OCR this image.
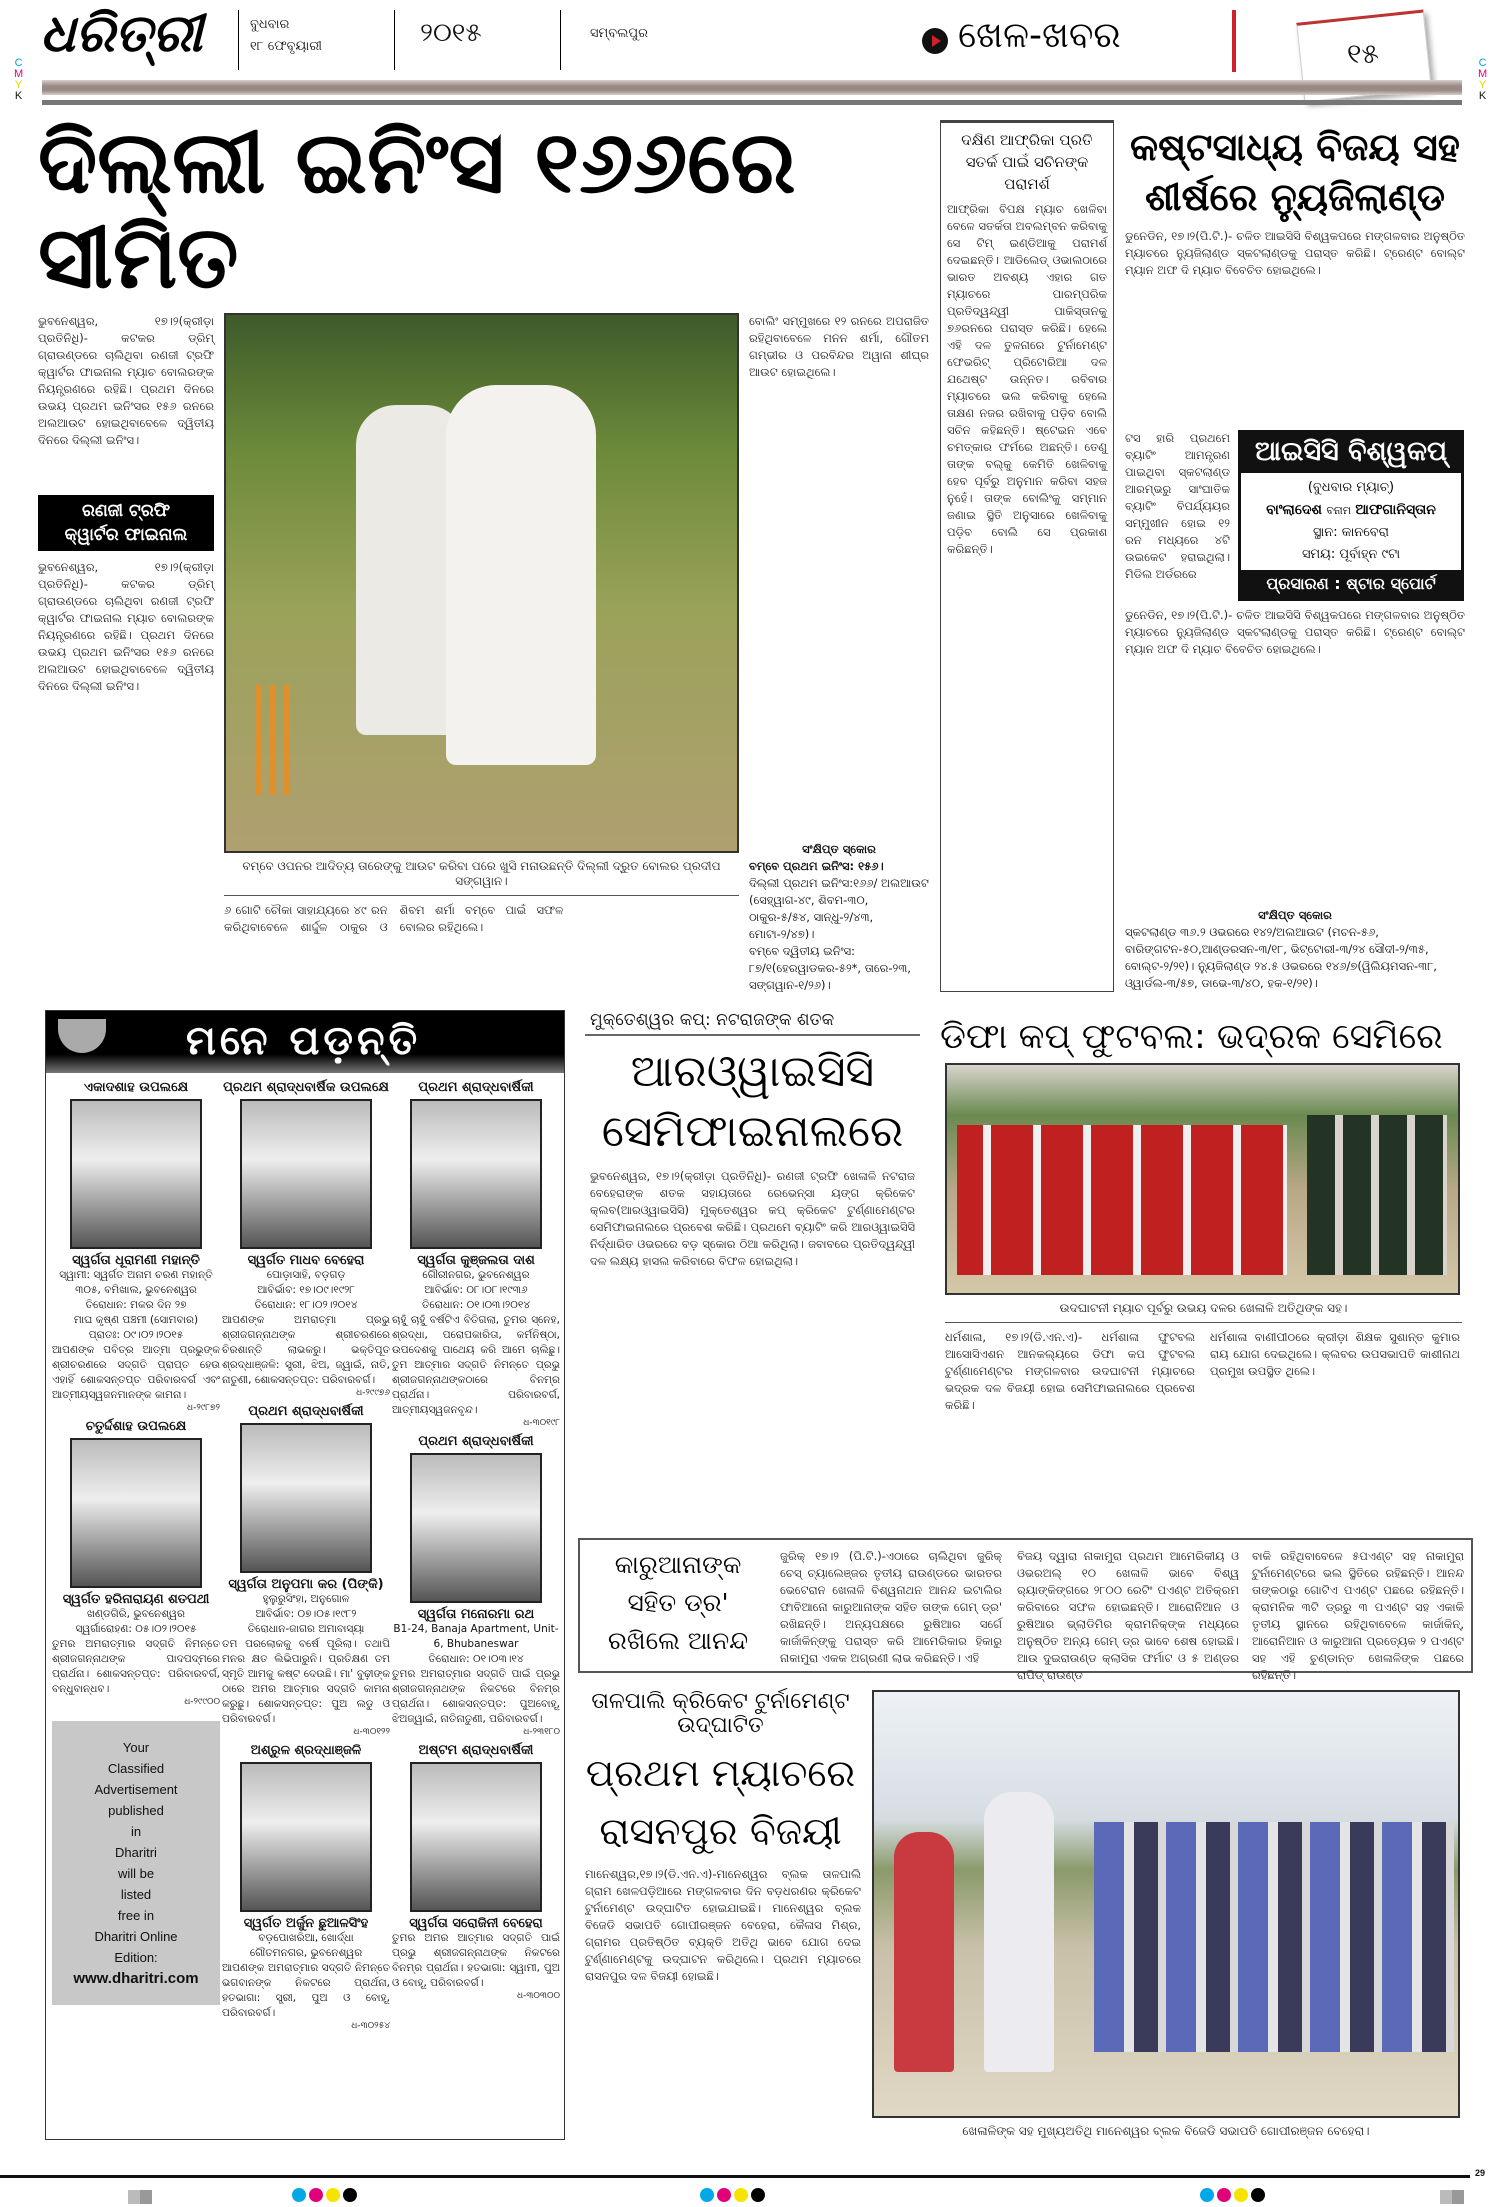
C
M
Y
K
C
M
Y
K
ଧରିତ୍ରୀ	ବୁଧବାର
୧୮ ଫେବୃୟାରୀ	୨୦୧୫	ସମ୍ବଲପୁର	ଖେଳ-ଖବର	୧୫
ଦିଲ୍ଲୀ ଇନିଂସ ୧୬୬ରେ ସୀମିତ
ଭୁବନେଶ୍ୱର, ୧୭।୨(କ୍ରୀଡ଼ା ପ୍ରତିନିଧି)- କଟକର ଡ୍ରିମ୍ ଗ୍ରାଉଣ୍ଡରେ ଚାଲିଥିବା ରଣଜୀ ଟ୍ରଫି କ୍ୱାର୍ଟର ଫାଇନାଲ ମ୍ୟାଚ ବୋଲରଙ୍କ ନିୟନ୍ତ୍ରଣରେ ରହିଛି। ପ୍ରଥମ ଦିନରେ ଉଭୟ ପ୍ରଥମ ଇନିଂସର ୧୫୬ ରନରେ ଅଲଆଉଟ ହୋଇଥିବାବେଳେ ଦ୍ୱିତୀୟ ଦିନରେ ଦିଲ୍ଲୀ ଇନିଂସ।
ରଣଜୀ ଟ୍ରଫି
କ୍ୱାର୍ଟର ଫାଇନାଲ
ଭୁବନେଶ୍ୱର, ୧୭।୨(କ୍ରୀଡ଼ା ପ୍ରତିନିଧି)- କଟକର ଡ୍ରିମ୍ ଗ୍ରାଉଣ୍ଡରେ ଚାଲିଥିବା ରଣଜୀ ଟ୍ରଫି କ୍ୱାର୍ଟର ଫାଇନାଲ ମ୍ୟାଚ ବୋଲରଙ୍କ ନିୟନ୍ତ୍ରଣରେ ରହିଛି। ପ୍ରଥମ ଦିନରେ ଉଭୟ ପ୍ରଥମ ଇନିଂସର ୧୫୬ ରନରେ ଅଲଆଉଟ ହୋଇଥିବାବେଳେ ଦ୍ୱିତୀୟ ଦିନରେ ଦିଲ୍ଲୀ ଇନିଂସ।
ବମ୍ବେ ଓପନର ଆଦିତ୍ୟ ତାରେଙ୍କୁ ଆଉଟ କରିବା ପରେ ଖୁସି ମନାଉଛନ୍ତି ଦିଲ୍ଲୀ ଦ୍ରୁତ ବୋଲର ପ୍ରଦୀପ ସଙ୍ଗୱାନ।
୬ ଗୋଟି ଚୌକା ସାହାଯ୍ୟରେ ୪୯ ରନ କରିଥିବାବେଳେ ଶାର୍ଦ୍ଦୁଳ ଠାକୁର ଓ ଶିବମ ଶର୍ମା ବମ୍ବେ ପାଇଁ ସଫଳ ବୋଲର ରହିଥିଲେ।
ବୋଲିଂ ସମ୍ମୁଖରେ ୧୨ ରନରେ ଅପରାଜିତ ରହିଥିବାବେଳେ ମନନ ଶର୍ମା, ଗୌତମ ଗମ୍ଭୀର ଓ ପରବିନ୍ଦର ଅୱାନା ଶୀଘ୍ର ଆଉଟ ହୋଇଥିଲେ।
ସଂକ୍ଷିପ୍ତ ସ୍କୋର
ବମ୍ବେ ପ୍ରଥମ ଇନିଂସ: ୧୫୬।
ଦିଲ୍ଲୀ ପ୍ରଥମ ଇନିଂସ:୧୬୬/ ଅଲଆଉଟ (ସେହ୍ୱାଗ-୪୯, ଶିବମ-୩୦, ଠାକୁର-୫/୫୪, ସାନ୍ଧୁ-୨/୪୩, ମୋଟା-୨/୪୭)।
ବମ୍ବେ ଦ୍ୱିତୀୟ ଇନିଂସ: ୮୭/୧(ହେରୱାଡକର-୫୨*, ତାରେ-୨୩, ସଙ୍ଗୱାନ-୧/୨୬)।
ଦକ୍ଷିଣ ଆଫ୍ରିକା ପ୍ରତି ସତର୍କ ପାଇଁ ସଚିନଙ୍କ ପରାମର୍ଶ
ଆଫ୍ରିକା ବିପକ୍ଷ ମ୍ୟାଚ ଖେଳିବା ବେଳେ ସତର୍କତା ଅବଲମ୍ବନ କରିବାକୁ ସେ ଟିମ୍ ଇଣ୍ଡିଆକୁ ପରାମର୍ଶ ଦେଇଛନ୍ତି। ଆଡିଲେଡ୍ ଓଭାଲଠାରେ ଭାରତ ଅବଶ୍ୟ ଏହାର ଗତ ମ୍ୟାଚରେ ପାରମ୍ପରିକ ପ୍ରତିଦ୍ୱନ୍ଦ୍ୱୀ ପାକିସ୍ତାନକୁ ୭୬ରନରେ ପରାସ୍ତ କରିଛି। ହେଲେ ଏହି ଦଳ ତୁଳନାରେ ଟୁର୍ନାମେଣ୍ଟ ଫେଭରିଟ୍ ପ୍ରିଟୋରିଆ ଦଳ ଯଥେଷ୍ଟ ଉନ୍ନତ। ରବିବାର ମ୍ୟାଚରେ ଭଲ କରିବାକୁ ହେଲେ ତାକ୍ଷଣ ନଜର ରଖିବାକୁ ପଡ଼ିବ ବୋଲି ସଚିନ କହିଛନ୍ତି। ଷ୍ଟେଇନ ଏବେ ଚମତ୍କାର ଫର୍ମରେ ଅଛନ୍ତି। ତେଣୁ ତାଙ୍କ ବଲ୍‌କୁ କେମିତି ଖେଳିବାକୁ ହେବ ପୂର୍ବରୁ ଅନୁମାନ କରିବା ସହଜ ନୁହେଁ। ତାଙ୍କ ବୋଲିଂକୁ ସମ୍ମାନ ଜଣାଇ ସ୍ଥିତି ଅନୁସାରେ ଖେଳିବାକୁ ପଡ଼ିବ ବୋଲି ସେ ପ୍ରକାଶ କରିଛନ୍ତି।
କଷ୍ଟସାଧ୍ୟ ବିଜୟ ସହ ଶୀର୍ଷରେ ନ୍ୟୁଜିଲାଣ୍ଡ
ଡୁନେଡିନ, ୧୭।୨(ପି.ଟି.)- ଚଳିତ ଆଇସିସି ବିଶ୍ୱକପରେ ମଙ୍ଗଳବାର ଅନୁଷ୍ଠିତ ମ୍ୟାଚରେ ନ୍ୟୁଜିଲାଣ୍ଡ ସ୍କଟଲାଣ୍ଡକୁ ପରାସ୍ତ କରିଛି। ଟ୍ରେଣ୍ଟ ବୋଲ୍ଟ ମ୍ୟାନ ଅଫ ଦି ମ୍ୟାଚ ବିବେଚିତ ହୋଇଥିଲେ।
ଟସ ହାରି ପ୍ରଥମେ ବ୍ୟାଟିଂ ଆମନ୍ତ୍ରଣ ପାଇଥିବା ସ୍କଟଲାଣ୍ଡ ଆରମ୍ଭରୁ ସାଂଘାତିକ ବ୍ୟାଟିଂ ବିପର୍ଯ୍ୟୟର ସମ୍ମୁଖୀନ ହୋଇ ୧୨ ରନ ମଧ୍ୟରେ ୪ଟି ଉଇକେଟ ହରାଇଥିଲା। ମିଡିଲ ଅର୍ଡରରେ
ଆଇସିସି ବିଶ୍ୱକପ୍
(ବୁଧବାର ମ୍ୟାଚ୍)
ବାଂଲାଦେଶ ବନାମ ଆଫଗାନିସ୍ତାନ
ସ୍ଥାନ: କାନବେରା
ସମୟ: ପୂର୍ବାହ୍ନ ୯ଟା
ପ୍ରସାରଣ : ଷ୍ଟାର ସ୍ପୋର୍ଟ
ଡୁନେଡିନ, ୧୭।୨(ପି.ଟି.)- ଚଳିତ ଆଇସିସି ବିଶ୍ୱକପରେ ମଙ୍ଗଳବାର ଅନୁଷ୍ଠିତ ମ୍ୟାଚରେ ନ୍ୟୁଜିଲାଣ୍ଡ ସ୍କଟଲାଣ୍ଡକୁ ପରାସ୍ତ କରିଛି। ଟ୍ରେଣ୍ଟ ବୋଲ୍ଟ ମ୍ୟାନ ଅଫ ଦି ମ୍ୟାଚ ବିବେଚିତ ହୋଇଥିଲେ।
ସଂକ୍ଷିପ୍ତ ସ୍କୋର
ସ୍କଟଲାଣ୍ଡ ୩୬.୨ ଓଭରରେ ୧୪୨/ଅଲଆଉଟ (ମଚନ-୫୬, ବାରିଙ୍ଗଟନ-୫୦,ଆଣ୍ଡରସନ-୩/୧୮, ଭିଟ୍ଟୋରୀ-୩/୨୪ ସୌଦୀ-୨/୩୫, ବୋଲ୍ଟ-୨/୨୧)। ନ୍ୟୁଜିଲାଣ୍ଡ ୨୪.୫ ଓଭରରେ ୧୪୬/୭(ୱିଲିୟମସନ-୩୮, ଓ୍ୱାର୍ଡଲ-୩/୫୭, ଡାଭେ-୩/୪୦, ହକ-୧/୨୧)।
ମନେ ପଡ଼ନ୍ତି
ଏକାଦଶାହ ଉପଲକ୍ଷେ
ସ୍ୱର୍ଗତା ଧୂରାମଣୀ ମହାନ୍ତି
ସ୍ୱାମୀ: ସ୍ୱର୍ଗତ ଅନାମ ଚରଣ ମହାନ୍ତି
୩୦୫, ବମିଖାଲ, ଭୁବନେଶ୍ୱର
ତିରୋଧାନ: ମକର ଦିନ ୨୭
ମାଘ କୃଷ୍ଣ ପଞ୍ଚମୀ (ସୋମବାର)
ପ୍ରାତଃ: ୦୯।୦୨।୨୦୧୫
ଆପଣଙ୍କ ପବିତ୍ର ଆତ୍ମା ପ୍ରଭୁଙ୍କ ଶ୍ରୀଚରଣରେ ସଦ୍‌ଗତି ପ୍ରାପ୍ତ ହେଉ ଏହାହିଁ ଶୋକସନ୍ତପ୍ତ ପରିବାରବର୍ଗ ଏବଂ ଆତ୍ମୀୟସ୍ୱଜନମାନଙ୍କ କାମନା।
ଧ-୨୯୮୭୨
ଚତୁର୍ଦ୍ଦଶାହ ଉପଲକ୍ଷେ
ସ୍ୱର୍ଗତ ହରିନାରାୟଣ ଶତପଥୀ
ଖଣ୍ଡଗିରି, ଭୁବନେଶ୍ୱର
ସ୍ୱର୍ଗାରୋହଣ: ୦୫।୦୨।୨୦୧୫
ତୁମର ଅମରାତ୍ମାର ସଦ୍‌ଗତି ନିମନ୍ତେ ଶ୍ରୀଜଗନ୍ନାଥଙ୍କ ପାଦପଦ୍ମରେ ପ୍ରାର୍ଥନା। ଶୋକସନ୍ତପ୍ତ: ପରିବାରବର୍ଗ, ବନ୍ଧୁବାନ୍ଧବ।
ଧ-୨୯୯୦୦
Your
Classified
Advertisement
published
in
Dharitri
will be
listed
free in
Dharitri Online
Edition:
www.dharitri.com
ପ୍ରଥମ ଶ୍ରାଦ୍ଧବାର୍ଷିକ ଉପଲକ୍ଷେ
ସ୍ୱର୍ଗତ ମାଧବ ବେହେରା
ପୋଡ଼ାସାହି, ବଡ଼ଗଡ଼
ଆବିର୍ଭାବ: ୧୭।୦୯।୧୯୨୮
ତିରୋଧାନ: ୧୮।୦୨।୨୦୧୪
ଆପଣଙ୍କ ଅମରାତ୍ମା ପ୍ରଭୁ ଶ୍ରୀଜଗନ୍ନାଥଙ୍କ ଶ୍ରୀଚରଣରେ ଚିରଶାନ୍ତି ଲାଭକରୁ। ଭକ୍ତିପୂତ ଶ୍ରଦ୍ଧାଞ୍ଜଳି: ସ୍ତ୍ରୀ, ଝିଅ, ଜ୍ୱାଇଁ, ନାତି, ନାତୁଣୀ, ଶୋକସନ୍ତପ୍ତ: ପରିବାରବର୍ଗ।
ଧ-୨୯୯୭୬
ପ୍ରଥମ ଶ୍ରାଦ୍ଧବାର୍ଷିକୀ
ସ୍ୱର୍ଗତା ଅନୁପମା କର (ପିଙ୍କି)
ହୁଲୁରୁସିଂହା, ଅନୁଗୋଳ
ଆବିର୍ଭାବ: ୦୭।୦୫।୧୯୮୨
ତିରୋଧାନ-ଜାଗର ଅମାବାସ୍ୟା
ତମ ପରଲୋକକୁ ବର୍ଷେ ପୂରିଲା। ତଥାପି ମନର କ୍ଷତ ଲିଭିପାରୁନି। ପ୍ରତିକ୍ଷଣ ତମ ସ୍ମୃତି ଆମକୁ କଷ୍ଟ ଦେଉଛି। ମା' ବୁଢ଼ୀଙ୍କ ଠାରେ ଅମର ଆତ୍ମାର ସଦ୍‌ଗତି କାମନା କରୁଛୁ। ଶୋକସନ୍ତପ୍ତ: ପୁଅ ଲଡୁ ଓ ପରିବାରବର୍ଗ।
ଧ-୩୦୧୨୨
ଅଶ୍ରୁଳ ଶ୍ରଦ୍ଧାଞ୍ଜଳି
ସ୍ୱର୍ଗତ ଅର୍ଜୁନ ଛୁଆଳସିଂହ
ବଡ଼ପୋଖରିଆ, ଖୋର୍ଦ୍ଧା
ଗୌତମନଗର, ଭୁବନେଶ୍ୱର
ଆପଣଙ୍କ ଅମରାତ୍ମାର ସଦ୍‌ଗତି ନିମନ୍ତେ ଭଗବାନଙ୍କ ନିକଟରେ ପ୍ରାର୍ଥନା, ହତଭାଗା: ସ୍ତ୍ରୀ, ପୁଅ ଓ ବୋହୂ, ପରିବାରବର୍ଗ।
ଧ-୩୦୨୫୪
ପ୍ରଥମ ଶ୍ରାଦ୍ଧବାର୍ଷିକୀ
ସ୍ୱର୍ଗତା କୁଞ୍ଜଲତା ଦାଶ
ଗୌରୀନଗର, ଭୁବନେଶ୍ୱର
ଆବିର୍ଭାବ: ୦୮।୦୮।୧୯୩୬
ତିରୋଧାନ: ୦୧।୦୩।୨୦୧୪
ଚାହୁଁ ଚାହୁଁ ବର୍ଷଟିଏ ବିତିଗଲା, ତୁମର ସ୍ନେହ, ଶ୍ରଦ୍ଧା, ପରୋପକାରିତା, କର୍ମନିଷ୍ଠା, ଉପଦେଶକୁ ପାଥେୟ କରି ଆମେ ଚାଲିଛୁ। ତୁମ ଆତ୍ମାର ସଦ୍‌ଗତି ନିମନ୍ତେ ପ୍ରଭୁ ଶ୍ରୀଜଗନ୍ନାଥଙ୍କଠାରେ ବିନମ୍ର ପ୍ରାର୍ଥନା। ପରିବାରବର୍ଗ, ଆତ୍ମୀୟସ୍ୱଜନବୃନ୍ଦ।
ଧ-୩୦୧୯୮
ପ୍ରଥମ ଶ୍ରାଦ୍ଧବାର୍ଷିକୀ
ସ୍ୱର୍ଗତା ମନୋରମା ରଥ
B1-24, Banaja Apartment, Unit-6, Bhubaneswar
ତିରୋଧାନ: ୦୧।୦୩।୧୪
ତୁମର ଅମରାତ୍ମାର ସଦ୍‌ଗତି ପାଇଁ ପ୍ରଭୁ ଶ୍ରୀଜଗନ୍ନାଥଙ୍କ ନିକଟରେ ବିନମ୍ର ପ୍ରାର୍ଥନା। ଶୋକସନ୍ତପ୍ତ: ପୁଅବୋହୂ, ଝିଅଜ୍ୱାଇଁ, ନାତିନାତୁଣୀ, ପରିବାରବର୍ଗ।
ଧ-୨୩୧୮୦
ଅଷ୍ଟମ ଶ୍ରାଦ୍ଧବାର୍ଷିକୀ
ସ୍ୱର୍ଗତା ସରୋଜିନୀ ବେହେରା
ତୁମର ଅମର ଆତ୍ମାର ସଦ୍‌ଗତି ପାଇଁ ପ୍ରଭୁ ଶ୍ରୀଜଗନ୍ନାଥଙ୍କ ନିକଟରେ ବିନମ୍ର ପ୍ରାର୍ଥନା। ହତଭାଗା: ସ୍ୱାମୀ, ପୁଅ ଓ ବୋହୂ, ପରିବାରବର୍ଗ।
ଧ-୩୦୩୦୦
ମୁକ୍ତେଶ୍ୱର କପ୍: ନଟରାଜଙ୍କ ଶତକ
ଆରଓ୍ୱାଇସିସି ସେମିଫାଇନାଲରେ
ଭୁବନେଶ୍ୱର, ୧୭।୨(କ୍ରୀଡ଼ା ପ୍ରତିନିଧି)- ରଣଜୀ ଟ୍ରଫି ଖେଳାଳି ନଟରାଜ ବେହେରାଙ୍କ ଶତକ ସହାୟତାରେ ରେଭେନ୍ସା ୟଙ୍ଗ କ୍ରିକେଟ କ୍ଲବ(ଆରଓ୍ୱାଇସିସି) ମୁକ୍ତେଶ୍ୱର କପ୍ କ୍ରିକେଟ ଟୁର୍ଣ୍ଣାମେଣ୍ଟର ସେମିଫାଇନାଲରେ ପ୍ରବେଶ କରିଛି। ପ୍ରଥମେ ବ୍ୟାଟିଂ କରି ଆରଓ୍ୱାଇସିସି ନିର୍ଦ୍ଧାରିତ ଓଭରରେ ବଡ଼ ସ୍କୋର ଠିଆ କରିଥିଲା। ଜବାବରେ ପ୍ରତିଦ୍ୱନ୍ଦ୍ୱୀ ଦଳ ଲକ୍ଷ୍ୟ ହାସଲ କରିବାରେ ବିଫଳ ହୋଇଥିଲା।
ଡିଫା କପ୍ ଫୁଟବଲ: ଭଦ୍ରକ ସେମିରେ
ଉଦଘାଟନୀ ମ୍ୟାଚ ପୂର୍ବରୁ ଉଭୟ ଦଳର ଖେଳାଳି ଅତିଥିଙ୍କ ସହ।
ଧର୍ମଶାଳା, ୧୭।୨(ଡି.ଏନ.ଏ)- ଧର୍ମଶାଳା ଫୁଟବଲ ଆସୋସିଏଶନ ଆନକଲ୍ୟରେ ଡିଫା କପ ଫୁଟବଲ ଟୁର୍ଣ୍ଣାମେଣ୍ଟର ମଙ୍ଗଳବାର ଉଦଘାଟନୀ ମ୍ୟାଚରେ ଭଦ୍ରକ ଦଳ ବିଜୟୀ ହୋଇ ସେମିଫାଇନାଲରେ ପ୍ରବେଶ କରିଛି।
ଧର୍ମଶାଳା ବାଣୀପୀଠରେ କ୍ରୀଡ଼ା ଶିକ୍ଷକ ସୁଶାନ୍ତ କୁମାର ରାୟ ଯୋଗ ଦେଇଥିଲେ। କ୍ଲବର ଉପସଭାପତି କାଶୀନାଥ ପ୍ରମୁଖ ଉପସ୍ଥିତ ଥିଲେ।
କାରୁଆନାଙ୍କ ସହିତ ଡ୍ର' ରଖିଲେ ଆନନ୍ଦ
ଜୁରିକ୍ ୧୭।୨ (ପି.ଟି.)-ଏଠାରେ ଚାଲିଥିବା ଜୁରିକ୍ ଚେସ୍ ଚ୍ୟାଲେଞ୍ଜର ତୃତୀୟ ରାଉଣ୍ଡରେ ଭାରତର ଭେଟେରାନ ଖେଳାଳି ବିଶ୍ୱନାଥନ ଆନନ୍ଦ ଇଟାଲିର ଫାବିଆନୋ କାରୁଆନାଙ୍କ ସହିତ ତାଙ୍କ ଗେମ୍ ଡ୍ର' ରଖିଛନ୍ତି। ଅନ୍ୟପକ୍ଷରେ ରୁଷିଆର ସର୍ଗେ କାର୍ଜାକିନ୍‌ଙ୍କୁ ପରାସ୍ତ କରି ଆମେରିକାର ହିକାରୁ ନାକାମୁରା ଏକକ ଅଗ୍ରଣୀ ଲାଭ କରିଛନ୍ତି। ଏହି
ବିଜୟ ଦ୍ୱାରା ନାକାମୁରା ପ୍ରଥମ ଆମେରିକୀୟ ଓ ଓଭରଅଲ୍ ୧୦ ଖେଳାଳି ଭାବେ ବିଶ୍ୱ ର‌୍ୟାଙ୍କିଙ୍ଗରେ ୨୮୦୦ ରେଟିଂ ପଏଣ୍ଟ ଅତିକ୍ରମ କରିବାରେ ସଫଳ ହୋଇଛନ୍ତି। ଆରୋନିଆନ ଓ ରୁଷିଆର ଭ୍ଲାଡିମିର କ୍ରାମନିକ୍‌ଙ୍କ ମଧ୍ୟରେ ଅନୁଷ୍ଠିତ ଅନ୍ୟ ଗେମ୍ ଡ୍ର ଭାବେ ଶେଷ ହୋଇଛି। ଆଉ ଦୁଇରାଉଣ୍ଡ କ୍ଲାସିକ ଫର୍ମାଟ ଓ ୫ ଅଣ୍ଡର ରାପିଡ୍ ରାଉଣ୍ଡ
ବାକି ରହିଥିବାବେଳେ ୫ପଏଣ୍ଟ ସହ ନାକାମୁରା ଟୁର୍ନାମେଣ୍ଟରେ ଭଲ ସ୍ଥିତିରେ ରହିଛନ୍ତି। ଆନନ୍ଦ ତାଙ୍କଠାରୁ ଗୋଟିଏ ପଏଣ୍ଟ ପଛରେ ରହିଛନ୍ତି। କ୍ରାମନିକ ୩ଟି ଡ୍ରରୁ ୩ ପଏଣ୍ଟ ସହ ଏକାକି ତୃତୀୟ ସ୍ଥାନରେ ରହିଥିବାବେଳେ କାର୍ଜାକିନ୍, ଆରୋନିଆନ ଓ କାରୁଆନା ପ୍ରତ୍ୟେକ ୨ ପଏଣ୍ଟ ସହ ଏହି ଚୁଣ୍ଡାନ୍ତ ଖେଳାଳିଙ୍କ ପଛରେ ରହିଛନ୍ତି।
ତାଳପାଲି କ୍ରିକେଟ ଟୁର୍ନାମେଣ୍ଟ ଉଦ୍‌ଘାଟିତ
ପ୍ରଥମ ମ୍ୟାଚରେ ରାସନପୁର ବିଜୟୀ
ମାନେଶ୍ୱର,୧୭।୨(ଡି.ଏନ.ଏ)-ମାନେଶ୍ୱର ବ୍ଲକ ତାଳପାଲି ଗ୍ରାମ ଖେଳପଡ଼ିଆରେ ମଙ୍ଗଳବାର ଦିନ ବଡ଼ଧରଣର କ୍ରିକେଟ ଟୁର୍ନାମେଣ୍ଟ ଉଦ୍‌ଘାଟିତ ହୋଇଯାଇଛି। ମାନେଶ୍ୱର ବ୍ଲକ ବିଜେଡି ସଭାପତି ଗୋପୀରଞ୍ଜନ ବେହେରା, କୈଳାସ ମିଶ୍ର, ଗ୍ରାମର ପ୍ରତିଷ୍ଠିତ ବ୍ୟକ୍ତି ଅତିଥି ଭାବେ ଯୋଗ ଦେଇ ଟୁର୍ଣ୍ଣାମେଣ୍ଟକୁ ଉଦ୍‌ଘାଟନ କରିଥିଲେ। ପ୍ରଥମ ମ୍ୟାଚରେ ରାସନପୁର ଦଳ ବିଜୟୀ ହୋଇଛି।
ଖେଳାଳିଙ୍କ ସହ ମୁଖ୍ୟଅତିଥି ମାନେଶ୍ୱର ବ୍ଲକ ବିଜେଡି ସଭାପତି ଗୋପୀରଞ୍ଜନ ବେହେରା।
29
